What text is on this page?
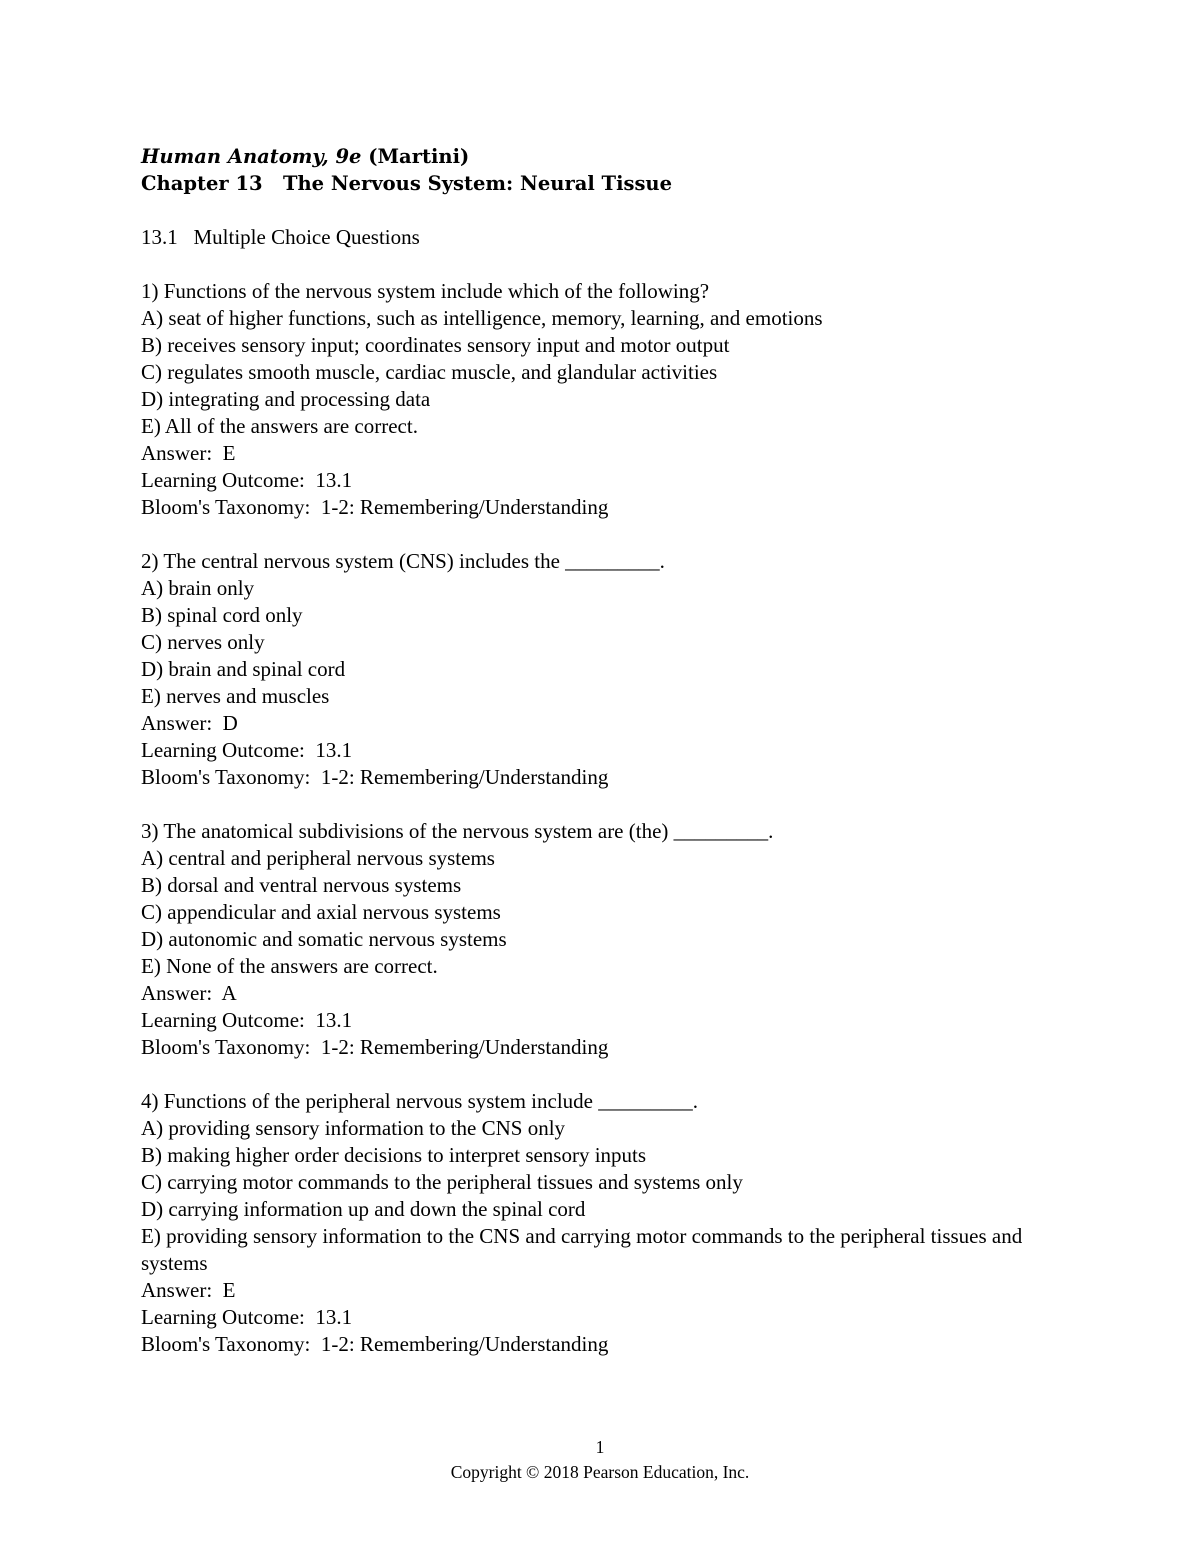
Human Anatomy, 9e (Martini)
Chapter 13   The Nervous System: Neural Tissue
13.1   Multiple Choice Questions
1) Functions of the nervous system include which of the following?
A) seat of higher functions, such as intelligence, memory, learning, and emotions
B) receives sensory input; coordinates sensory input and motor output
C) regulates smooth muscle, cardiac muscle, and glandular activities
D) integrating and processing data
E) All of the answers are correct.
Answer:  E
Learning Outcome:  13.1
Bloom's Taxonomy:  1-2: Remembering/Understanding
2) The central nervous system (CNS) includes the _________.
A) brain only
B) spinal cord only
C) nerves only
D) brain and spinal cord
E) nerves and muscles
Answer:  D
Learning Outcome:  13.1
Bloom's Taxonomy:  1-2: Remembering/Understanding
3) The anatomical subdivisions of the nervous system are (the) _________.
A) central and peripheral nervous systems
B) dorsal and ventral nervous systems
C) appendicular and axial nervous systems
D) autonomic and somatic nervous systems
E) None of the answers are correct.
Answer:  A
Learning Outcome:  13.1
Bloom's Taxonomy:  1-2: Remembering/Understanding
4) Functions of the peripheral nervous system include _________.
A) providing sensory information to the CNS only
B) making higher order decisions to interpret sensory inputs
C) carrying motor commands to the peripheral tissues and systems only
D) carrying information up and down the spinal cord
E) providing sensory information to the CNS and carrying motor commands to the peripheral tissues and systems
Answer:  E
Learning Outcome:  13.1
Bloom's Taxonomy:  1-2: Remembering/Understanding
1
Copyright © 2018 Pearson Education, Inc.
